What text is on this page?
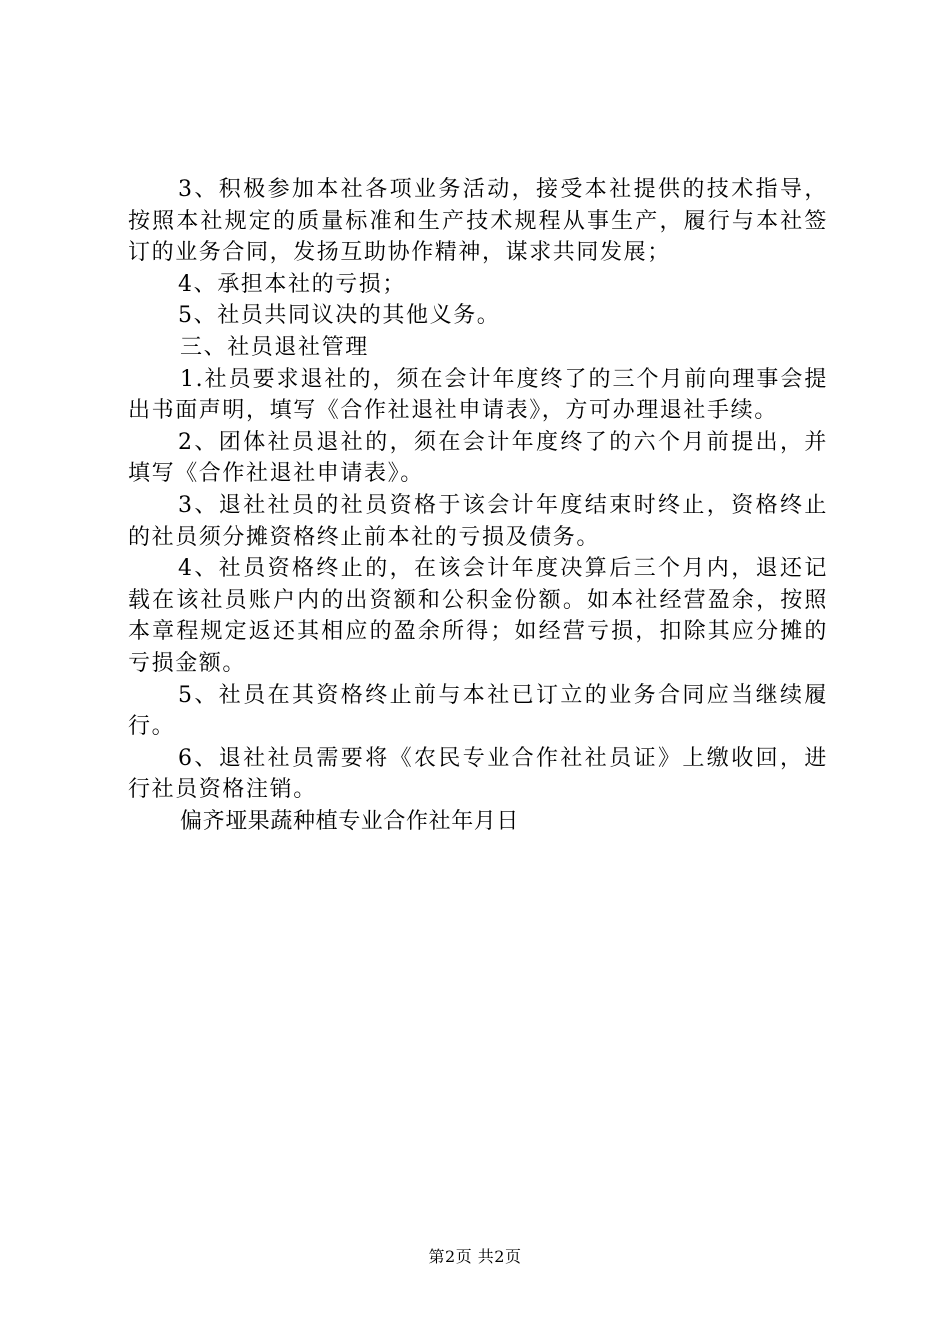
3、积极参加本社各项业务活动，接受本社提供的技术指导，按照本社规定的质量标准和生产技术规程从事生产，履行与本社签订的业务合同，发扬互助协作精神，谋求共同发展；

4、承担本社的亏损；

5、社员共同议决的其他义务。

三、社员退社管理

1.社员要求退社的，须在会计年度终了的三个月前向理事会提出书面声明，填写《合作社退社申请表》，方可办理退社手续。

2、团体社员退社的，须在会计年度终了的六个月前提出，并填写《合作社退社申请表》。

3、退社社员的社员资格于该会计年度结束时终止，资格终止的社员须分摊资格终止前本社的亏损及债务。

4、社员资格终止的，在该会计年度决算后三个月内，退还记载在该社员账户内的出资额和公积金份额。如本社经营盈余，按照本章程规定返还其相应的盈余所得；如经营亏损，扣除其应分摊的亏损金额。

5、社员在其资格终止前与本社已订立的业务合同应当继续履行。

6、退社社员需要将《农民专业合作社社员证》上缴收回，进行社员资格注销。

偏齐垭果蔬种植专业合作社年月日

第2页 共2页
